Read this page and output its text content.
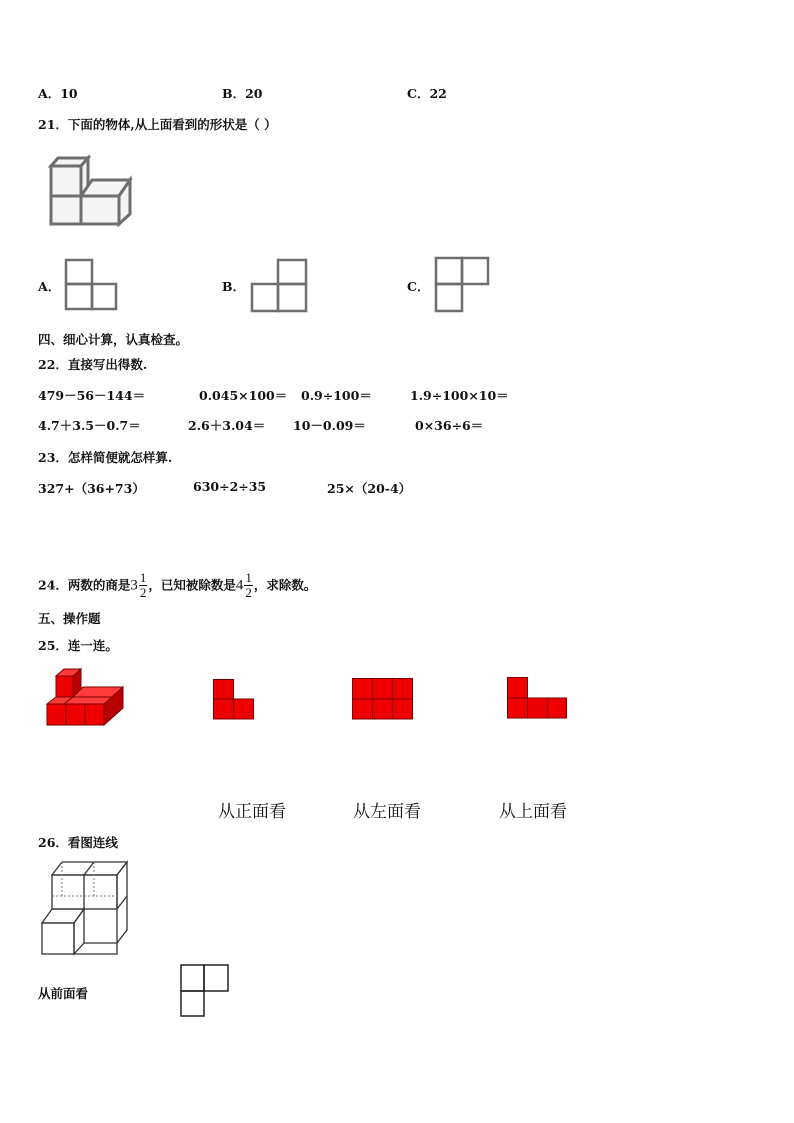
A．10	B．20	C．22
21．下面的物体,从上面看到的形状是（ ）
A．	B．	C．
四、细心计算，认真检查。
22．直接写出得数.
479－56－144＝	0.045×100＝ 0.9÷100＝	1.9÷100×10＝
4.7＋3.5－0.7＝	2.6＋3.04＝ 10－0.09＝	0×36÷6＝
23．怎样简便就怎样算.
327+（36+73）	630÷2÷35	25×（20-4）
24．两数的商是$3 \frac{1}{2}$ ，已知被除数是$4 \frac{1}{2}$ ，求除数。
五、操作题
25．连一连。
从正面看	从左面看	从上面看
26．看图连线
从前面看
